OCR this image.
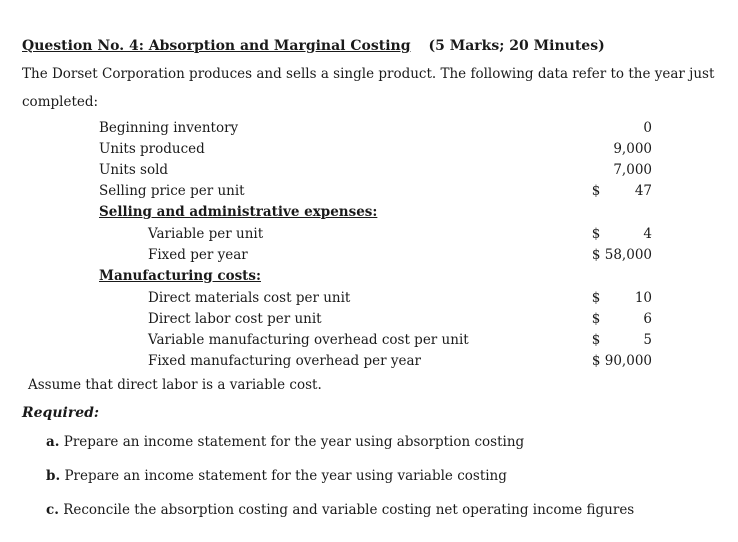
Question No. 4: Absorption and Marginal Costing (5 Marks; 20 Minutes)
The Dorset Corporation produces and sells a single product. The following data refer to the year just
completed:
Beginning inventory	0
Units produced	9,000
Units sold	7,000
Selling price per unit	$	47
Selling and administrative expenses:
Variable per unit	$	4
Fixed per year	$ 58,000
Manufacturing costs:
Direct materials cost per unit	$	10
Direct labor cost per unit	$	6
Variable manufacturing overhead cost per unit	$	5
Fixed manufacturing overhead per year	$ 90,000
Assume that direct labor is a variable cost.
Required:
a. Prepare an income statement for the year using absorption costing
b. Prepare an income statement for the year using variable costing
c. Reconcile the absorption costing and variable costing net operating income figures
